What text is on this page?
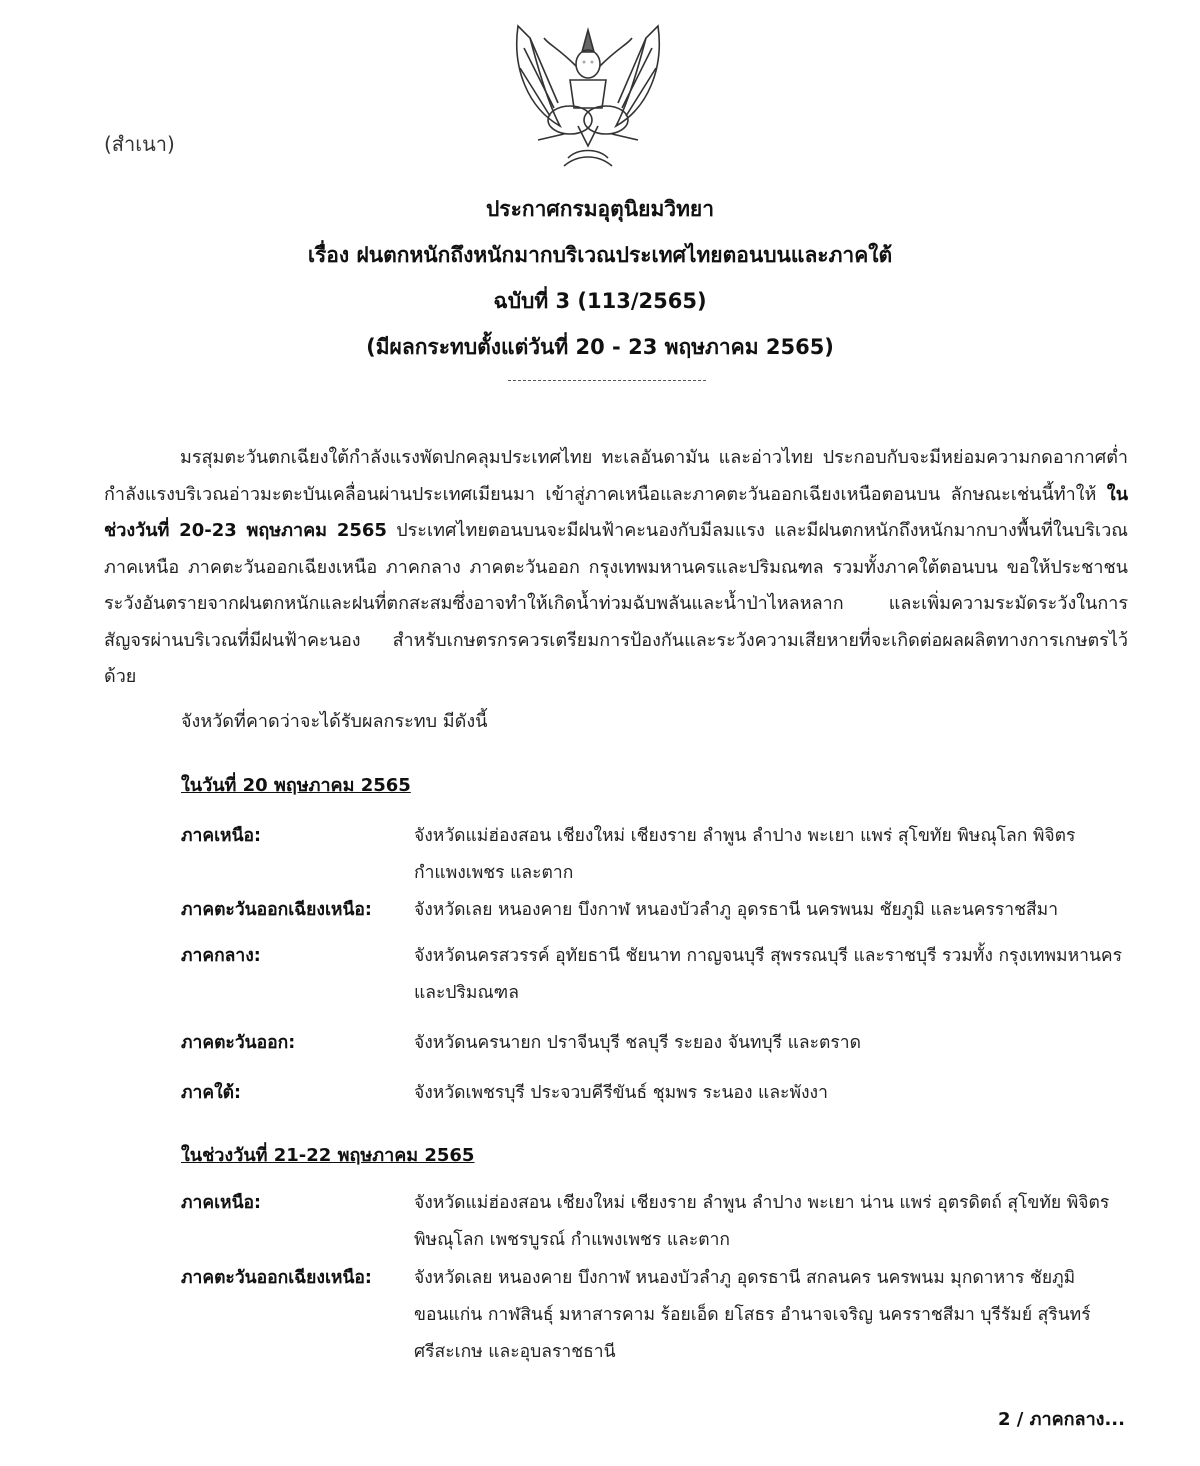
(สำเนา)
ประกาศกรมอุตุนิยมวิทยา
เรื่อง ฝนตกหนักถึงหนักมากบริเวณประเทศไทยตอนบนและภาคใต้
ฉบับที่ 3 (113/2565)
(มีผลกระทบตั้งแต่วันที่ 20 - 23 พฤษภาคม 2565)
มรสุมตะวันตกเฉียงใต้กำลังแรงพัดปกคลุมประเทศไทย ทะเลอันดามัน และอ่าวไทย ประกอบกับจะมีหย่อมความกดอากาศต่ำกำลังแรงบริเวณอ่าวมะตะบันเคลื่อนผ่านประเทศเมียนมา เข้าสู่ภาคเหนือและภาคตะวันออกเฉียงเหนือตอนบน ลักษณะเช่นนี้ทำให้ ในช่วงวันที่ 20-23 พฤษภาคม 2565 ประเทศไทยตอนบนจะมีฝนฟ้าคะนองกับมีลมแรง และมีฝนตกหนักถึงหนักมากบางพื้นที่ในบริเวณภาคเหนือ ภาคตะวันออกเฉียงเหนือ ภาคกลาง ภาคตะวันออก กรุงเทพมหานครและปริมณฑล รวมทั้งภาคใต้ตอนบน ขอให้ประชาชนระวังอันตรายจากฝนตกหนักและฝนที่ตกสะสมซึ่งอาจทำให้เกิดน้ำท่วมฉับพลันและน้ำป่าไหลหลาก และเพิ่มความระมัดระวังในการสัญจรผ่านบริเวณที่มีฝนฟ้าคะนอง สำหรับเกษตรกรควรเตรียมการป้องกันและระวังความเสียหายที่จะเกิดต่อผลผลิตทางการเกษตรไว้ด้วย
จังหวัดที่คาดว่าจะได้รับผลกระทบ มีดังนี้
ในวันที่ 20 พฤษภาคม 2565
ภาคเหนือ:	จังหวัดแม่ฮ่องสอน เชียงใหม่ เชียงราย ลำพูน ลำปาง พะเยา แพร่ สุโขทัย พิษณุโลก พิจิตร กำแพงเพชร และตาก
ภาคตะวันออกเฉียงเหนือ: จังหวัดเลย หนองคาย บึงกาฬ หนองบัวลำภู อุดรธานี นครพนม ชัยภูมิ และนครราชสีมา
ภาคกลาง:	จังหวัดนครสวรรค์ อุทัยธานี ชัยนาท กาญจนบุรี สุพรรณบุรี และราชบุรี รวมทั้ง กรุงเทพมหานครและปริมณฑล
ภาคตะวันออก:	จังหวัดนครนายก ปราจีนบุรี ชลบุรี ระยอง จันทบุรี และตราด
ภาคใต้:	จังหวัดเพชรบุรี ประจวบคีรีขันธ์ ชุมพร ระนอง และพังงา
ในช่วงวันที่ 21-22 พฤษภาคม 2565
ภาคเหนือ:	จังหวัดแม่ฮ่องสอน เชียงใหม่ เชียงราย ลำพูน ลำปาง พะเยา น่าน แพร่ อุตรดิตถ์ สุโขทัย พิจิตร พิษณุโลก เพชรบูรณ์ กำแพงเพชร และตาก
ภาคตะวันออกเฉียงเหนือ: จังหวัดเลย หนองคาย บึงกาฬ หนองบัวลำภู อุดรธานี สกลนคร นครพนม มุกดาหาร ชัยภูมิ ขอนแก่น กาฬสินธุ์ มหาสารคาม ร้อยเอ็ด ยโสธร อำนาจเจริญ นครราชสีมา บุรีรัมย์ สุรินทร์ ศรีสะเกษ และอุบลราชธานี
2 / ภาคกลาง...
